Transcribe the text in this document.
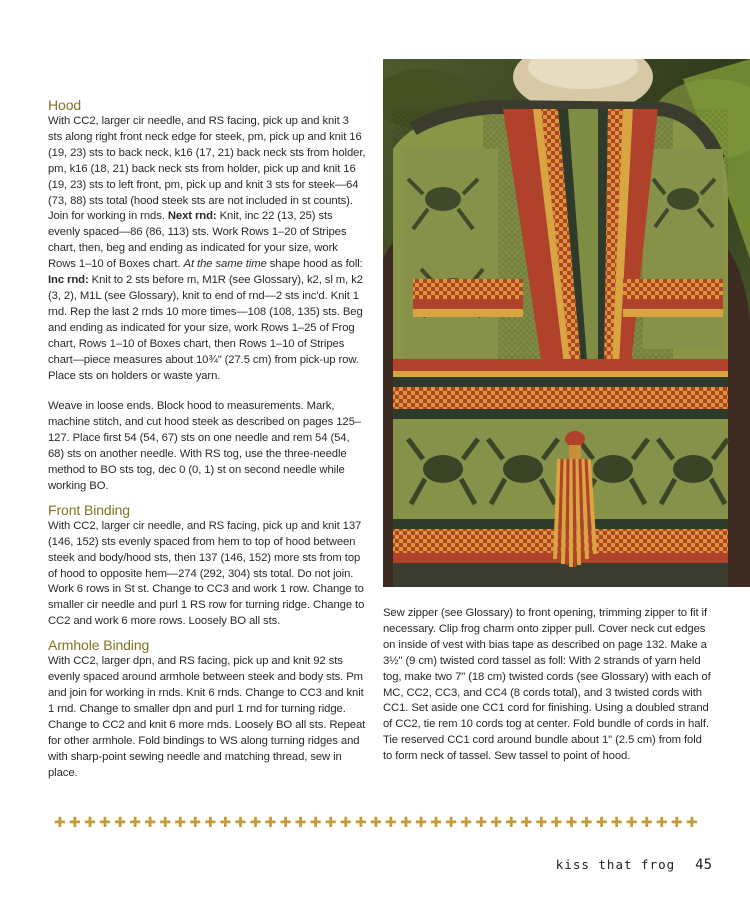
Hood

With CC2, larger cir needle, and RS facing, pick up and knit 3 sts along right front neck edge for steek, pm, pick up and knit 16 (19, 23) sts to back neck, k16 (17, 21) back neck sts from holder, pm, k16 (18, 21) back neck sts from holder, pick up and knit 16 (19, 23) sts to left front, pm, pick up and knit 3 sts for steek—64 (73, 88) sts total (hood steek sts are not included in st counts). Join for working in rnds. Next rnd: Knit, inc 22 (13, 25) sts evenly spaced—86 (86, 113) sts. Work Rows 1–20 of Stripes chart, then, beg and ending as indicated for your size, work Rows 1–10 of Boxes chart. At the same time shape hood as foll: Inc rnd: Knit to 2 sts before m, M1R (see Glossary), k2, sl m, k2 (3, 2), M1L (see Glossary), knit to end of rnd—2 sts inc'd. Knit 1 rnd. Rep the last 2 rnds 10 more times—108 (108, 135) sts. Beg and ending as indicated for your size, work Rows 1–25 of Frog chart, Rows 1–10 of Boxes chart, then Rows 1–10 of Stripes chart—piece measures about 10¾" (27.5 cm) from pick-up row. Place sts on holders or waste yarn.

Weave in loose ends. Block hood to measurements. Mark, machine stitch, and cut hood steek as described on pages 125–127. Place first 54 (54, 67) sts on one needle and rem 54 (54, 68) sts on another needle. With RS tog, use the three-needle method to BO sts tog, dec 0 (0, 1) st on second needle while working BO.

Front Binding

With CC2, larger cir needle, and RS facing, pick up and knit 137 (146, 152) sts evenly spaced from hem to top of hood between steek and body/hood sts, then 137 (146, 152) more sts from top of hood to opposite hem—274 (292, 304) sts total. Do not join. Work 6 rows in St st. Change to CC3 and work 1 row. Change to smaller cir needle and purl 1 RS row for turning ridge. Change to CC2 and work 6 more rows. Loosely BO all sts.

Armhole Binding

With CC2, larger dpn, and RS facing, pick up and knit 92 sts evenly spaced around armhole between steek and body sts. Pm and join for working in rnds. Knit 6 rnds. Change to CC3 and knit 1 rnd. Change to smaller dpn and purl 1 rnd for turning ridge. Change to CC2 and knit 6 more rnds. Loosely BO all sts. Repeat for other armhole. Fold bindings to WS along turning ridges and with sharp-point sewing needle and matching thread, sew in place.

Sew zipper (see Glossary) to front opening, trimming zipper to fit if necessary. Clip frog charm onto zipper pull. Cover neck cut edges on inside of vest with bias tape as described on page 132. Make a 3½" (9 cm) twisted cord tassel as foll: With 2 strands of yarn held tog, make two 7" (18 cm) twisted cords (see Glossary) with each of MC, CC2, CC3, and CC4 (8 cords total), and 3 twisted cords with CC1. Set aside one CC1 cord for finishing. Using a doubled strand of CC2, tie rem 10 cords tog at center. Fold bundle of cords in half. Tie reserved CC1 cord around bundle about 1" (2.5 cm) from fold to form neck of tassel. Sew tassel to point of hood.

✚ ✚ ✚ ✚ ✚ ✚ ✚ ✚ ✚ ✚ ✚ ✚ ✚ ✚ ✚ ✚ ✚ ✚ ✚ ✚ ✚ ✚ ✚ ✚ ✚ ✚ ✚ ✚ ✚ ✚ ✚ ✚ ✚ ✚ ✚ ✚ ✚ ✚ ✚ ✚ ✚ ✚ ✚
kiss that frog 45
